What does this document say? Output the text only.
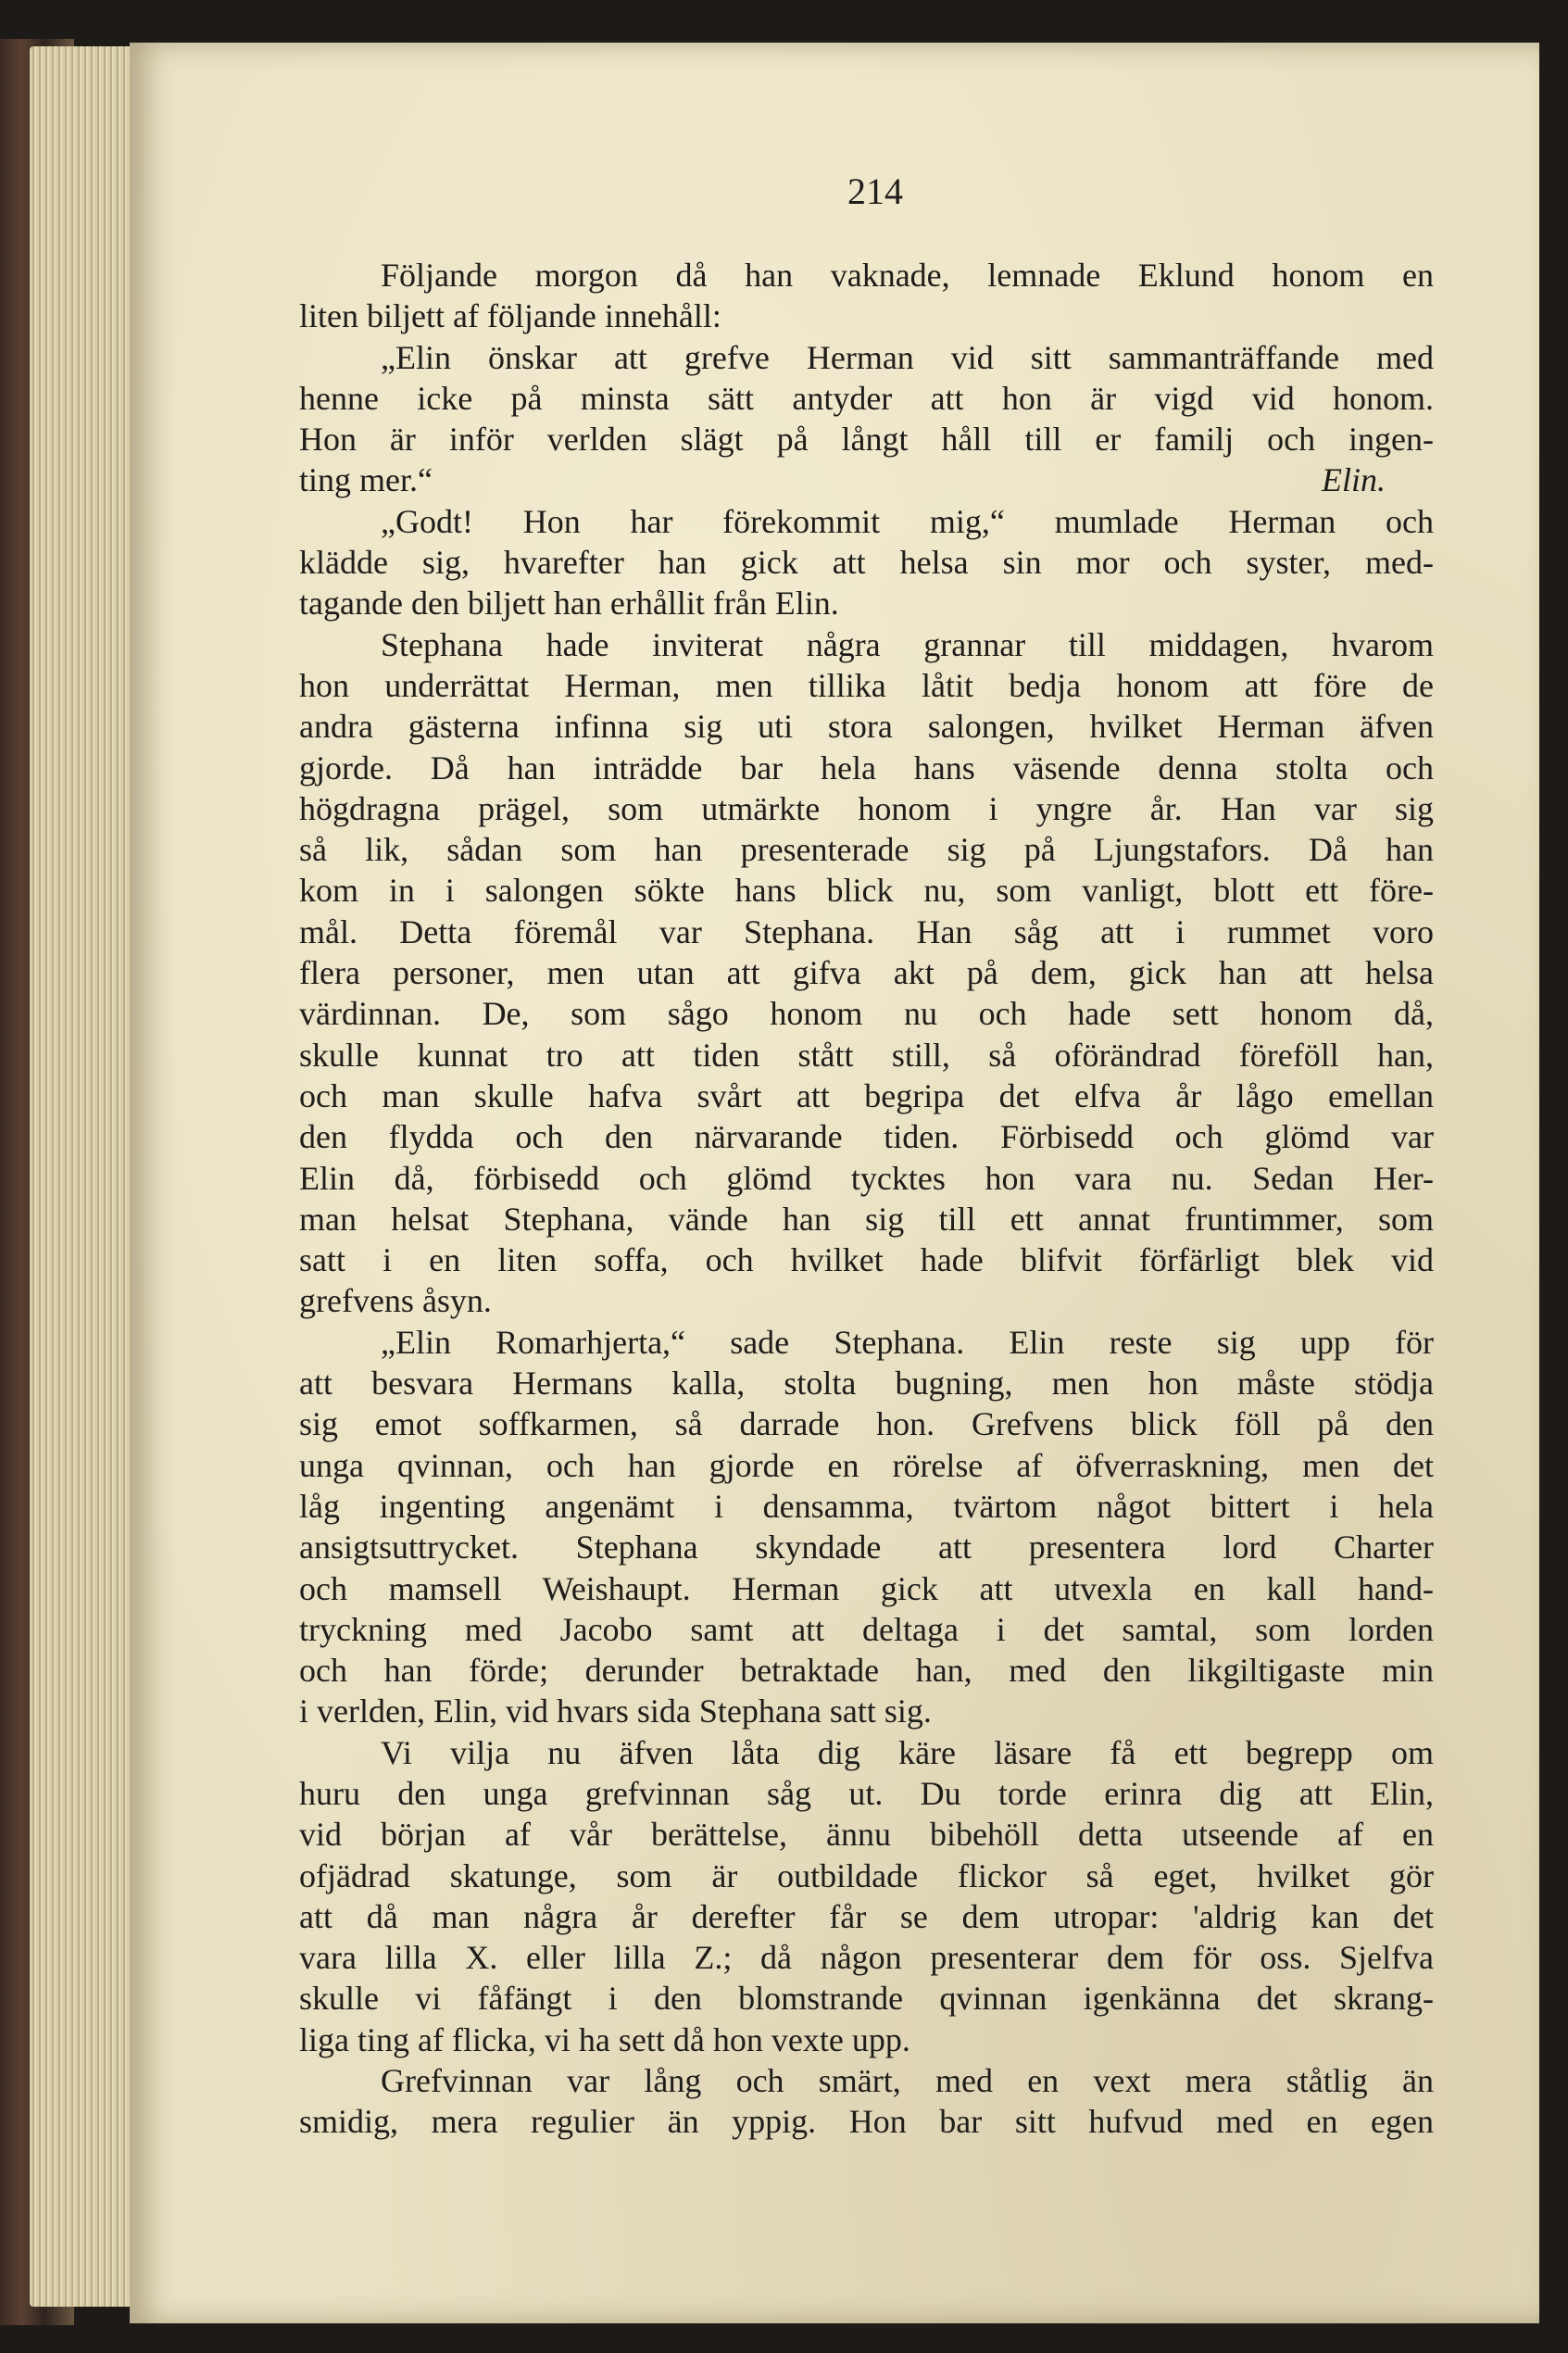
214
Följande morgon då han vaknade, lemnade Eklund honom en
liten biljett af följande innehåll:
„Elin önskar att grefve Herman vid sitt sammanträffande med
henne icke på minsta sätt antyder att hon är vigd vid honom.
Hon är inför verlden slägt på långt håll till er familj och ingen-
ting mer.“	Elin.
„Godt! Hon har förekommit mig,“ mumlade Herman och
klädde sig, hvarefter han gick att helsa sin mor och syster, med-
tagande den biljett han erhållit från Elin.
Stephana hade inviterat några grannar till middagen, hvarom
hon underrättat Herman, men tillika låtit bedja honom att före de
andra gästerna infinna sig uti stora salongen, hvilket Herman äfven
gjorde. Då han inträdde bar hela hans väsende denna stolta och
högdragna prägel, som utmärkte honom i yngre år. Han var sig
så lik, sådan som han presenterade sig på Ljungstafors. Då han
kom in i salongen sökte hans blick nu, som vanligt, blott ett före-
mål. Detta föremål var Stephana. Han såg att i rummet voro
flera personer, men utan att gifva akt på dem, gick han att helsa
värdinnan. De, som sågo honom nu och hade sett honom då,
skulle kunnat tro att tiden stått still, så oförändrad föreföll han,
och man skulle hafva svårt att begripa det elfva år lågo emellan
den flydda och den närvarande tiden. Förbisedd och glömd var
Elin då, förbisedd och glömd tycktes hon vara nu. Sedan Her-
man helsat Stephana, vände han sig till ett annat fruntimmer, som
satt i en liten soffa, och hvilket hade blifvit förfärligt blek vid
grefvens åsyn.
„Elin Romarhjerta,“ sade Stephana. Elin reste sig upp för
att besvara Hermans kalla, stolta bugning, men hon måste stödja
sig emot soffkarmen, så darrade hon. Grefvens blick föll på den
unga qvinnan, och han gjorde en rörelse af öfverraskning, men det
låg ingenting angenämt i densamma, tvärtom något bittert i hela
ansigtsuttrycket. Stephana skyndade att presentera lord Charter
och mamsell Weishaupt. Herman gick att utvexla en kall hand-
tryckning med Jacobo samt att deltaga i det samtal, som lorden
och han förde; derunder betraktade han, med den likgiltigaste min
i verlden, Elin, vid hvars sida Stephana satt sig.
Vi vilja nu äfven låta dig käre läsare få ett begrepp om
huru den unga grefvinnan såg ut. Du torde erinra dig att Elin,
vid början af vår berättelse, ännu bibehöll detta utseende af en
ofjädrad skatunge, som är outbildade flickor så eget, hvilket gör
att då man några år derefter får se dem utropar: 'aldrig kan det
vara lilla X. eller lilla Z.; då någon presenterar dem för oss. Sjelfva
skulle vi fåfängt i den blomstrande qvinnan igenkänna det skrang-
liga ting af flicka, vi ha sett då hon vexte upp.
Grefvinnan var lång och smärt, med en vext mera ståtlig än
smidig, mera regulier än yppig. Hon bar sitt hufvud med en egen
